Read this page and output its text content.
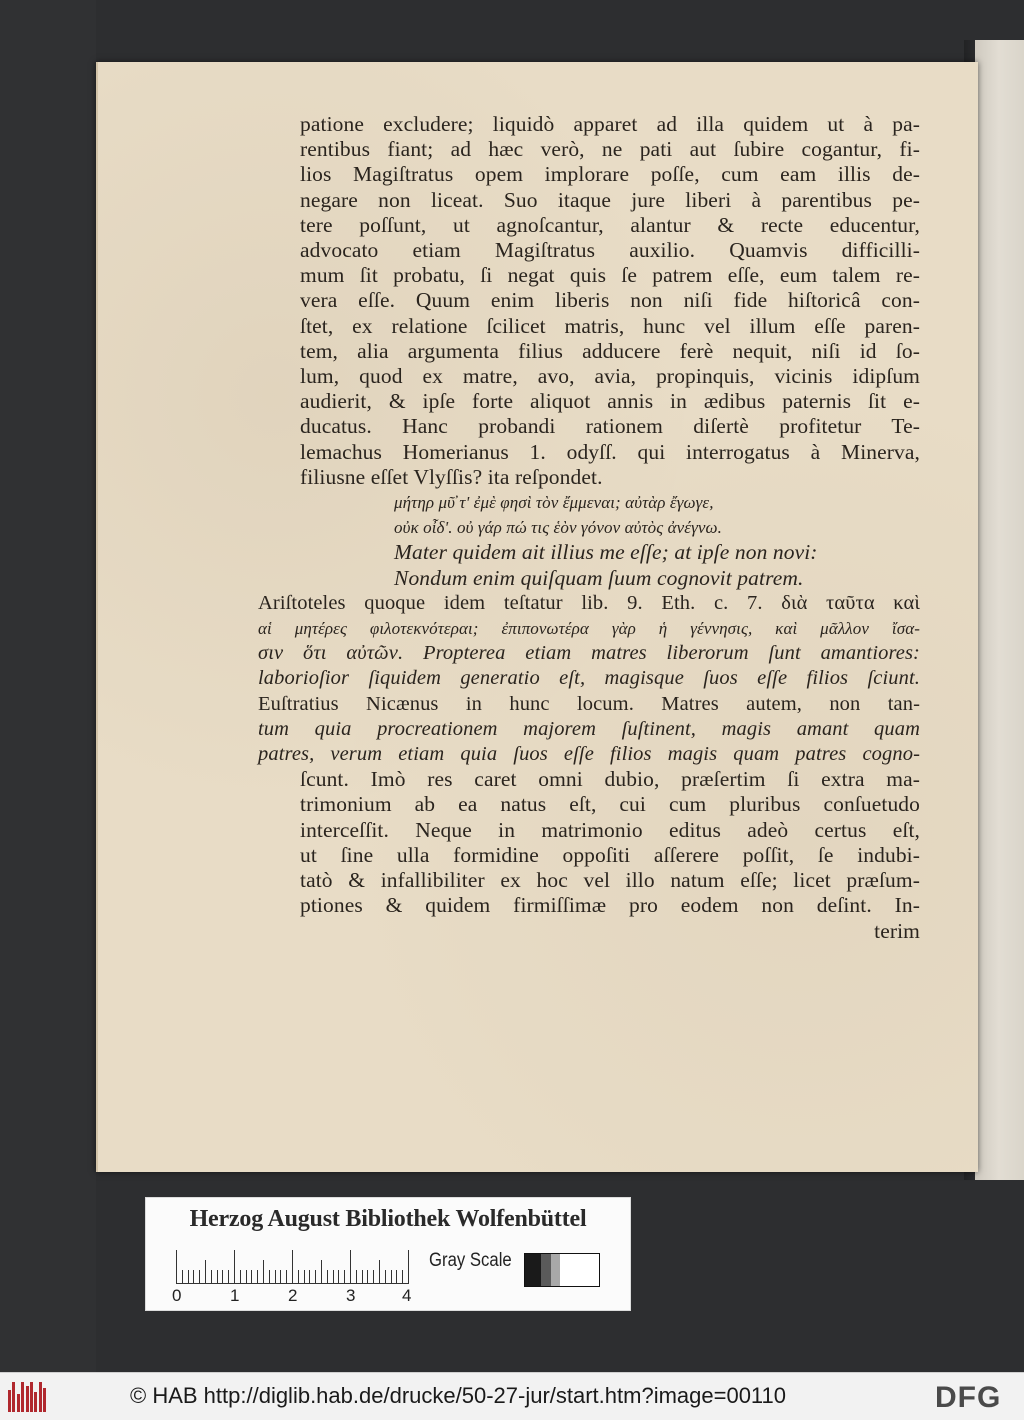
patione excludere; liquidò apparet ad illa quidem ut à pa-
rentibus fiant; ad hæc verò, ne pati aut ſubire cogantur, fi-
lios Magiſtratus opem implorare poſſe, cum eam illis de-
negare non liceat. Suo itaque jure liberi à parentibus pe-
tere poſſunt, ut agnoſcantur, alantur & recte educentur,
advocato etiam Magiſtratus auxilio. Quamvis difficilli-
mum ſit probatu, ſi negat quis ſe patrem eſſe, eum talem re-
vera eſſe. Quum enim liberis non niſi fide hiſtoricâ con-
ſtet, ex relatione ſcilicet matris, hunc vel illum eſſe paren-
tem, alia argumenta filius adducere ferè nequit, niſi id ſo-
lum, quod ex matre, avo, avia, propinquis, vicinis idipſum
audierit, & ipſe forte aliquot annis in ædibus paternis ſit e-
ducatus. Hanc probandi rationem diſertè profitetur Te-
lemachus Homerianus 1. odyſſ. qui interrogatus à Minerva,
filiusne eſſet Vlyſſis? ita reſpondet.
μήτηρ μῦ̓ τ' ἐμὲ φησὶ τὸν ἔμμεναι; αὐτὰρ ἔγωγε,
οὐκ οἶδ'. οὐ γάρ πώ τις ἑὸν γόνον αὐτὸς ἀνέγνω.
Mater quidem ait illius me eſſe; at ipſe non novi:
Nondum enim quiſquam ſuum cognovit patrem.
Ariſtoteles quoque idem teſtatur lib. 9. Eth. c. 7. διὰ ταῦτα καὶ
αἱ μητέρες φιλοτεκνότεραι; ἐπιπονωτέρα γὰρ ἡ γέννησις, καὶ μᾶλλον ἴσα-
σιν ὅτι αὐτῶν. Propterea etiam matres liberorum ſunt amantiores:
laborioſior ſiquidem generatio eſt, magisque ſuos eſſe filios ſciunt.
Euſtratius Nicænus in hunc locum. Matres autem, non tan-
tum quia procreationem majorem ſuſtinent, magis amant quam
patres, verum etiam quia ſuos eſſe filios magis quam patres cogno-
ſcunt. Imò res caret omni dubio, præſertim ſi extra ma-
trimonium ab ea natus eſt, cui cum pluribus conſuetudo
interceſſit. Neque in matrimonio editus adeò certus eſt,
ut ſine ulla formidine oppoſiti aſſerere poſſit, ſe indubi-
tatò & infallibiliter ex hoc vel illo natum eſſe; licet præſum-
ptiones & quidem firmiſſimæ pro eodem non deſint. In-
terim
Herzog August Bibliothek Wolfenbüttel
0	1	2	3	4
Gray Scale
© HAB http://diglib.hab.de/drucke/50-27-jur/start.htm?image=00110	DFG
